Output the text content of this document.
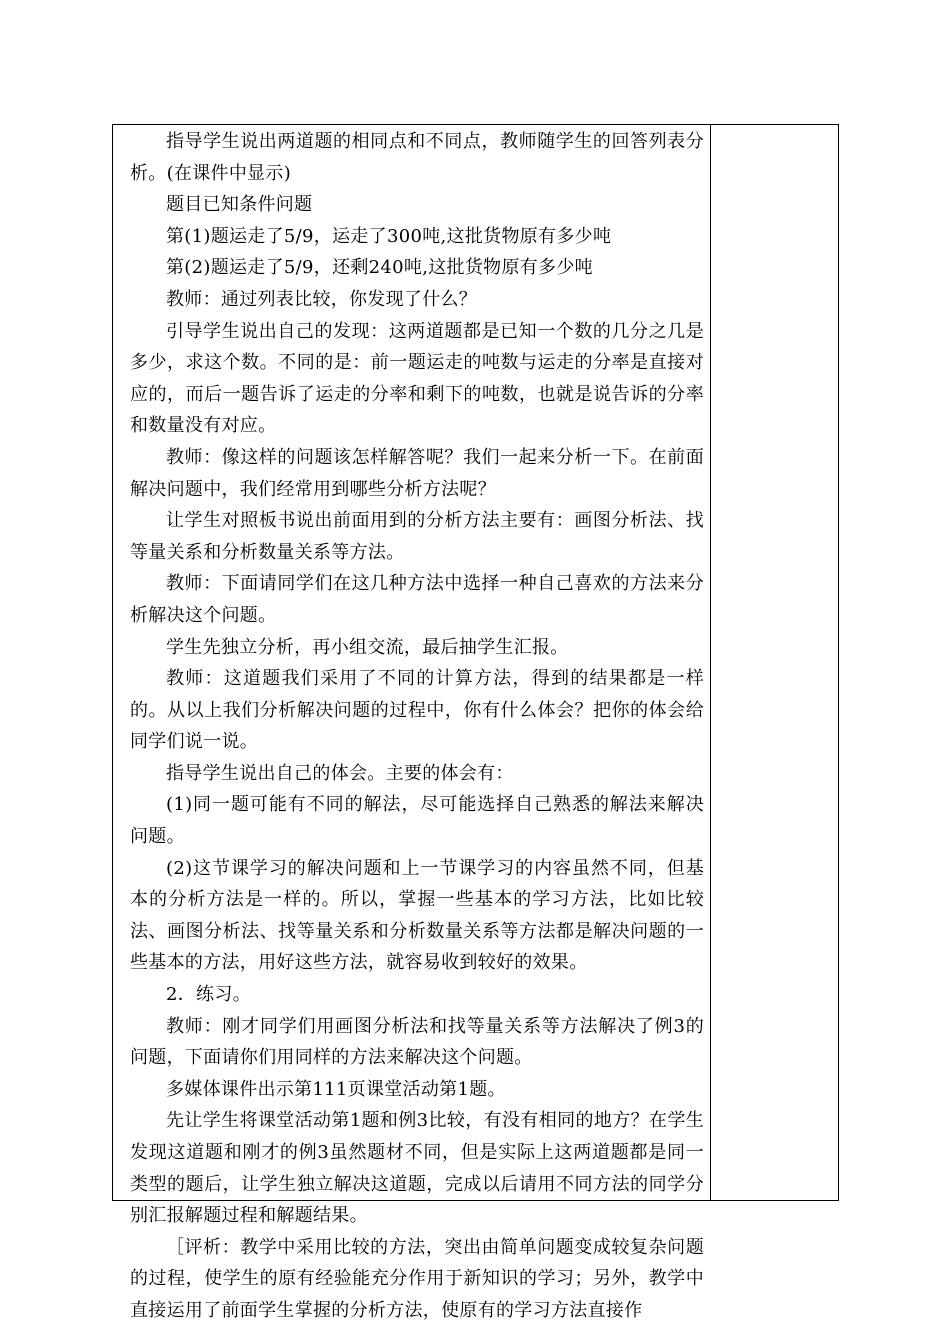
指导学生说出两道题的相同点和不同点，教师随学生的回答列表分析。(在课件中显示)

题目已知条件问题

第(1)题运走了5/9，运走了300吨,这批货物原有多少吨

第(2)题运走了5/9，还剩240吨,这批货物原有多少吨

教师：通过列表比较，你发现了什么？

引导学生说出自己的发现：这两道题都是已知一个数的几分之几是多少，求这个数。不同的是：前一题运走的吨数与运走的分率是直接对应的，而后一题告诉了运走的分率和剩下的吨数，也就是说告诉的分率和数量没有对应。

教师：像这样的问题该怎样解答呢？我们一起来分析一下。在前面解决问题中，我们经常用到哪些分析方法呢？

让学生对照板书说出前面用到的分析方法主要有：画图分析法、找等量关系和分析数量关系等方法。

教师：下面请同学们在这几种方法中选择一种自己喜欢的方法来分析解决这个问题。

学生先独立分析，再小组交流，最后抽学生汇报。

教师：这道题我们采用了不同的计算方法，得到的结果都是一样的。从以上我们分析解决问题的过程中，你有什么体会？把你的体会给同学们说一说。

指导学生说出自己的体会。主要的体会有：

(1)同一题可能有不同的解法，尽可能选择自己熟悉的解法来解决问题。

(2)这节课学习的解决问题和上一节课学习的内容虽然不同，但基本的分析方法是一样的。所以，掌握一些基本的学习方法，比如比较法、画图分析法、找等量关系和分析数量关系等方法都是解决问题的一些基本的方法，用好这些方法，就容易收到较好的效果。

2．练习。

教师：刚才同学们用画图分析法和找等量关系等方法解决了例3的问题，下面请你们用同样的方法来解决这个问题。

多媒体课件出示第111页课堂活动第1题。

先让学生将课堂活动第1题和例3比较，有没有相同的地方？在学生发现这道题和刚才的例3虽然题材不同，但是实际上这两道题都是同一类型的题后，让学生独立解决这道题，完成以后请用不同方法的同学分别汇报解题过程和解题结果。

［评析：教学中采用比较的方法，突出由简单问题变成较复杂问题的过程，使学生的原有经验能充分作用于新知识的学习；另外，教学中直接运用了前面学生掌握的分析方法，使原有的学习方法直接作
